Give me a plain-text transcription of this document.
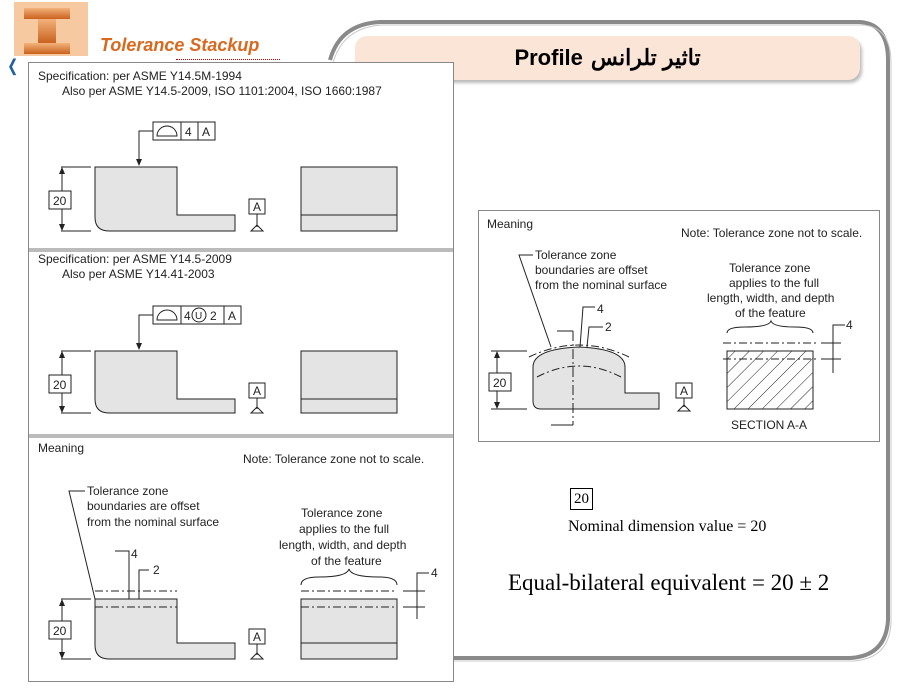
Tolerance Stackup
❬	تاثیر تلرانس
Profile
Specification: per ASME Y14.5M-1994
Also per ASME Y14.5-2009, ISO 1101:2004, ISO 1660:1987
4 A
20	A
Specification: per ASME Y14.5-2009
Also per ASME Y14.41-2003
4 U 2 A
20	A
Meaning
Note: Tolerance zone not to scale.
Tolerance zone
boundaries are offset
from the nominal surface
Tolerance zone
applies to the full
length, width, and depth
of the feature
4
2
20	A
4
Meaning
Note: Tolerance zone not to scale.
Tolerance zone
boundaries are offset
from the nominal surface
Tolerance zone
applies to the full
length, width, and depth
of the feature
4
2
20
A
4
SECTION A-A
20
Nominal dimension value = 20
Equal-bilateral equivalent = 20 ± 2
